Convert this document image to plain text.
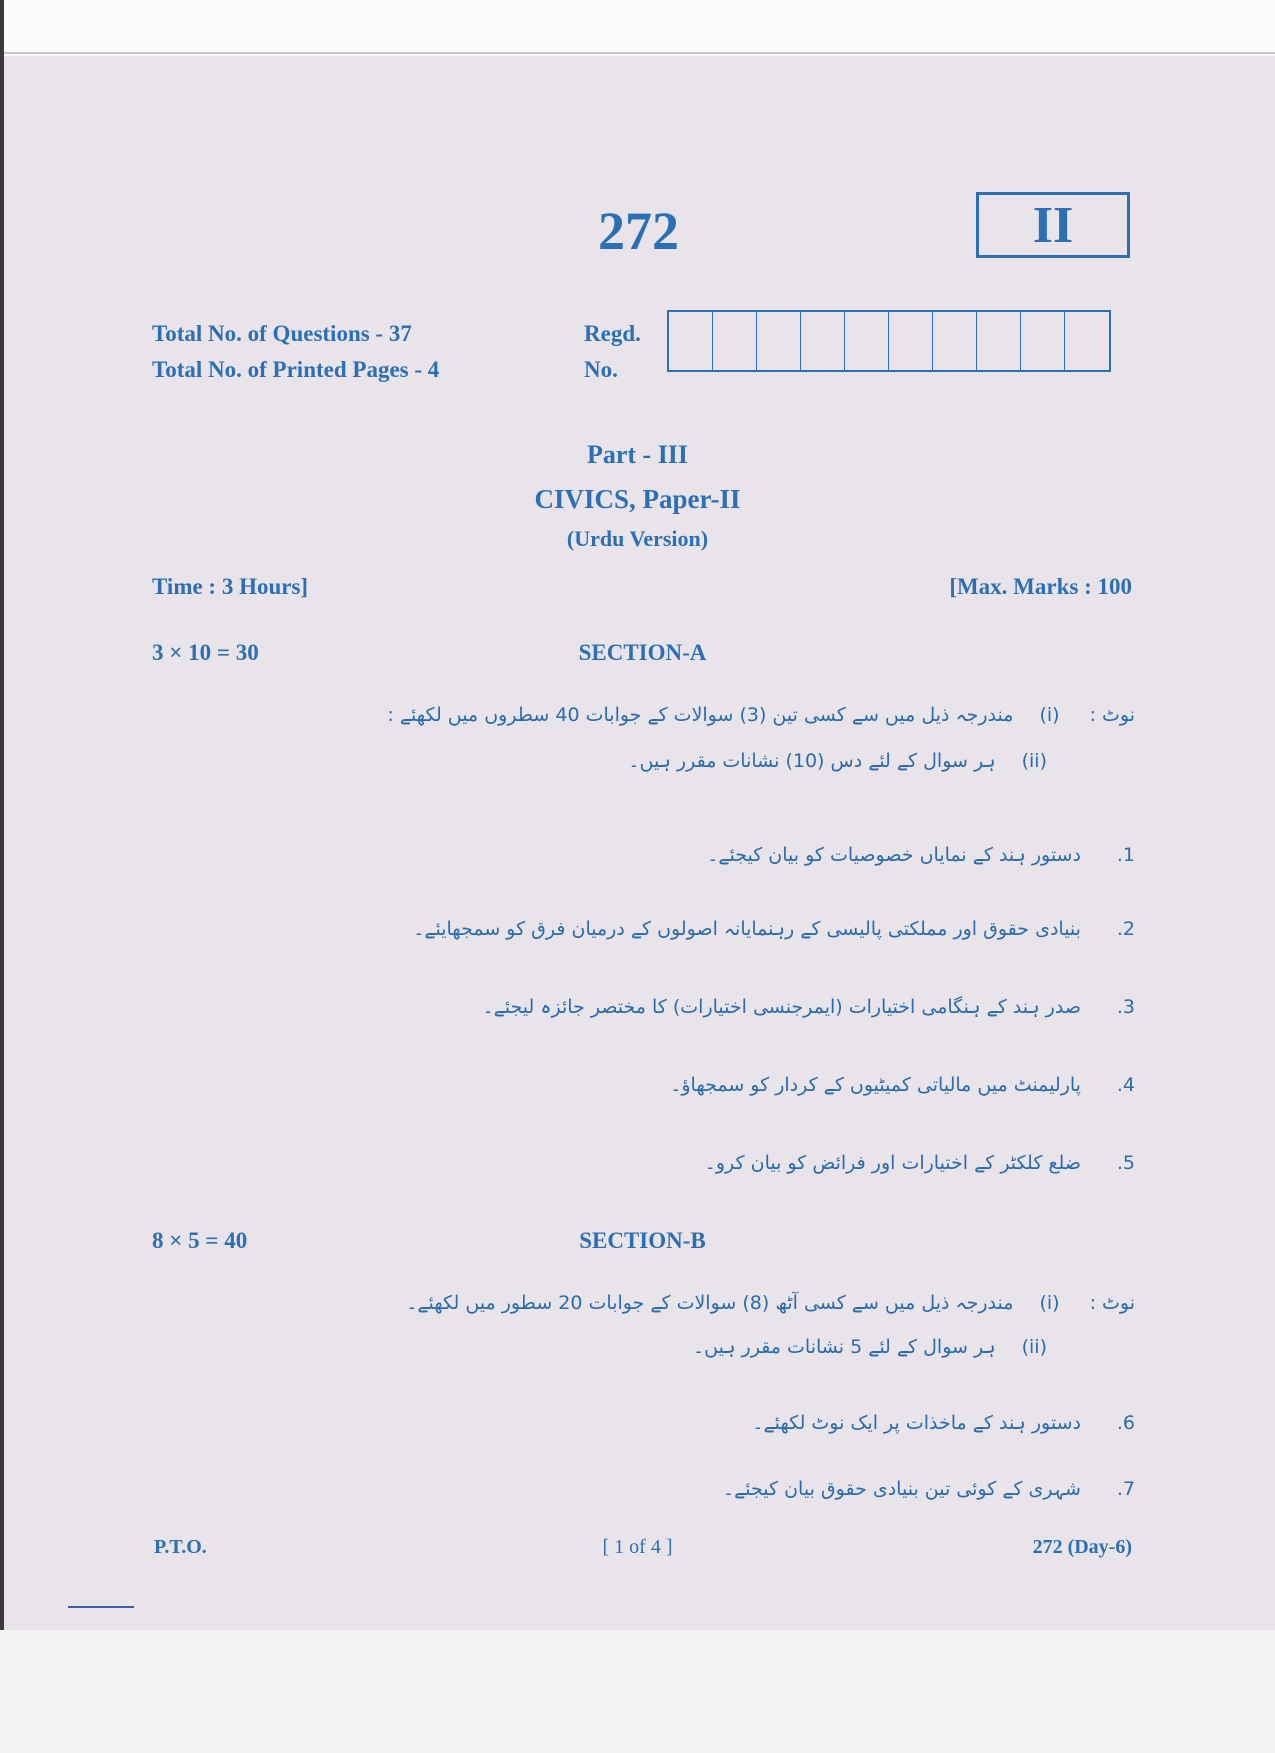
272	II
Total No. of Questions - 37
Total No. of Printed Pages - 4
Regd.
No.
Part - III
CIVICS, Paper-II
(Urdu Version)
Time : 3 Hours]	[Max. Marks : 100
3 × 10 = 30	SECTION-A
نوٹ :(i)مندرجہ ذیل میں سے کسی تین (3) سوالات کے جوابات 40 سطروں میں لکھئے :
(ii)ہر سوال کے لئے دس (10) نشانات مقرر ہیں۔
1. دستور ہند کے نمایاں خصوصیات کو بیان کیجئے۔
2. بنیادی حقوق اور مملکتی پالیسی کے رہنمایانہ اصولوں کے درمیان فرق کو سمجھایئے۔
3. صدر ہند کے ہنگامی اختیارات (ایمرجنسی اختیارات) کا مختصر جائزہ لیجئے۔
4. پارلیمنٹ میں مالیاتی کمیٹیوں کے کردار کو سمجھاؤ۔
5. ضلع کلکٹر کے اختیارات اور فرائض کو بیان کرو۔
8 × 5 = 40	SECTION-B
نوٹ :(i)مندرجہ ذیل میں سے کسی آٹھ (8) سوالات کے جوابات 20 سطور میں لکھئے۔
(ii)ہر سوال کے لئے 5 نشانات مقرر ہیں۔
6. دستور ہند کے ماخذات پر ایک نوٹ لکھئے۔
7. شہری کے کوئی تین بنیادی حقوق بیان کیجئے۔
P.T.O.	[ 1 of 4 ]	272 (Day-6)
